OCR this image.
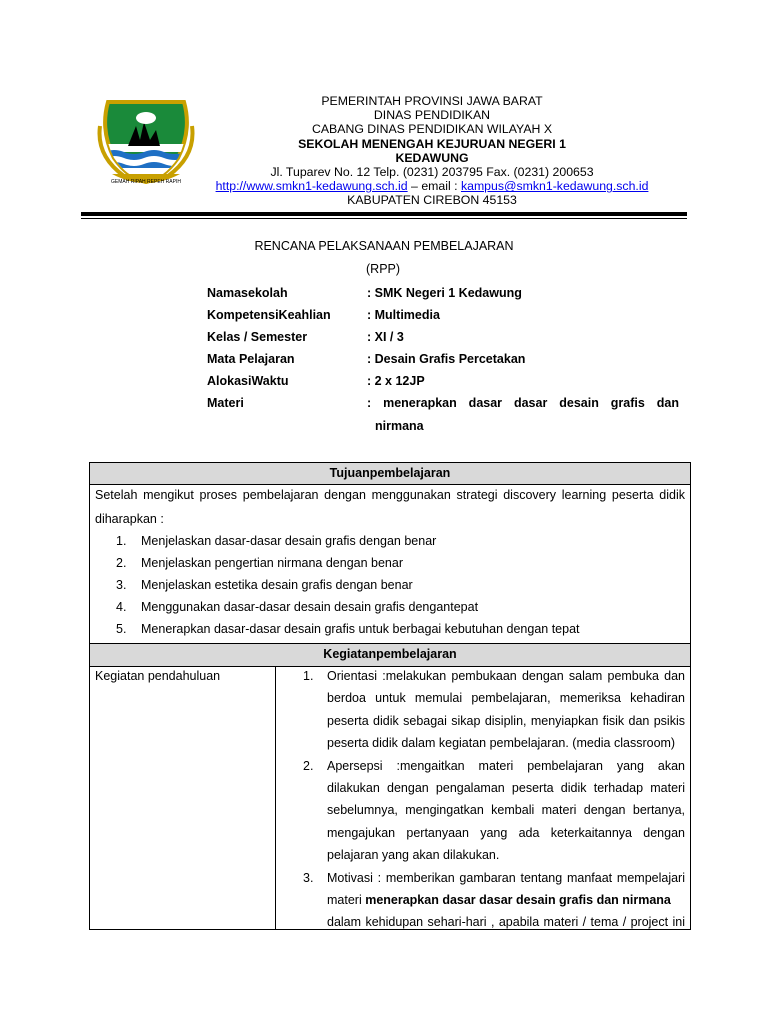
GEMAH RIPAH REPEH RAPIH
PEMERINTAH PROVINSI JAWA BARAT
DINAS PENDIDIKAN
CABANG DINAS PENDIDIKAN WILAYAH X
SEKOLAH MENENGAH KEJURUAN NEGERI 1
KEDAWUNG
Jl. Tuparev No. 12 Telp. (0231) 203795 Fax. (0231) 200653
http://www.smkn1-kedawung.sch.id – email : kampus@smkn1-kedawung.sch.id
KABUPATEN CIREBON 45153
RENCANA PELAKSANAAN PEMBELAJARAN
(RPP)
Namasekolah	: SMK Negeri 1 Kedawung
KompetensiKeahlian	: Multimedia
Kelas / Semester	: XI / 3
Mata Pelajaran	: Desain Grafis Percetakan
AlokasiWaktu	: 2 x 12JP
Materi	: menerapkan dasar dasar desain grafis dan
nirmana
Tujuanpembelajaran
Setelah mengikut proses pembelajaran dengan menggunakan strategi discovery learning peserta didik
diharapkan :
1. Menjelaskan dasar-dasar desain grafis dengan benar
2. Menjelaskan pengertian nirmana dengan benar
3. Menjelaskan estetika desain grafis dengan benar
4. Menggunakan dasar-dasar desain desain grafis dengantepat
5. Menerapkan dasar-dasar desain grafis untuk berbagai kebutuhan dengan tepat
Kegiatanpembelajaran
Kegiatan pendahuluan	1. Orientasi :melakukan pembukaan dengan salam pembuka dan
berdoa untuk memulai pembelajaran, memeriksa kehadiran
peserta didik sebagai sikap disiplin, menyiapkan fisik dan psikis
peserta didik dalam kegiatan pembelajaran. (media classroom)
2. Apersepsi :mengaitkan materi pembelajaran yang akan
dilakukan dengan pengalaman peserta didik terhadap materi
sebelumnya, mengingatkan kembali materi dengan bertanya,
mengajukan pertanyaan yang ada keterkaitannya dengan
pelajaran yang akan dilakukan.
3. Motivasi : memberikan gambaran tentang manfaat mempelajari
materi menerapkan dasar dasar desain grafis dan nirmana
dalam kehidupan sehari-hari , apabila materi / tema / project ini
